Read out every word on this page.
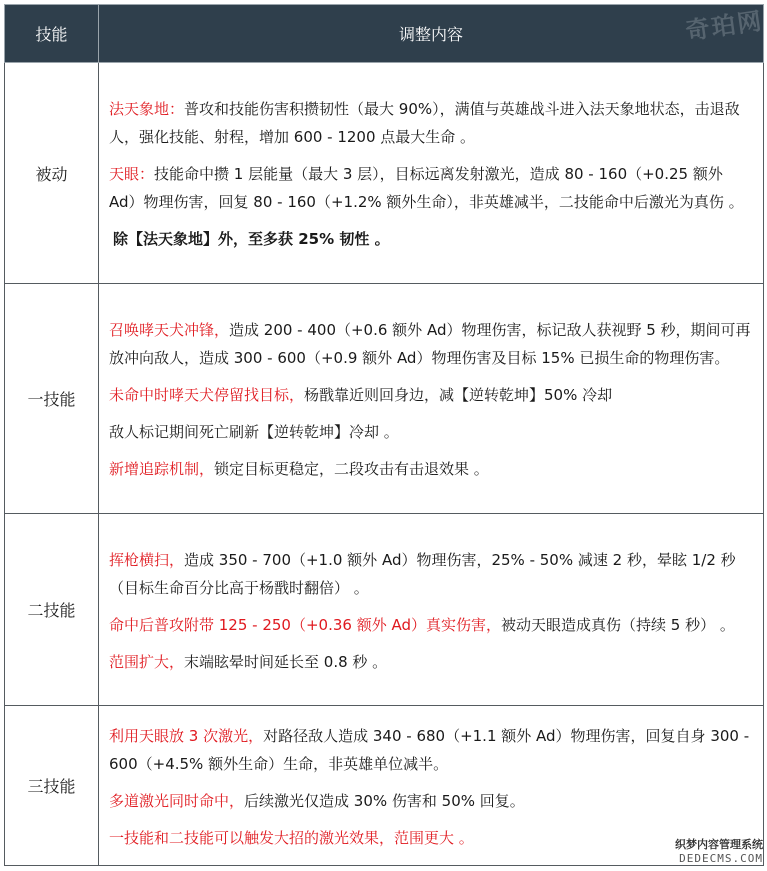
技能	调整内容
被动	法天象地：普攻和技能伤害积攒韧性（最大 90%），满值与英雄战斗进入法天象地状态，击退敌人，强化技能、射程，增加 600 - 1200 点最大生命 。

天眼：技能命中攒 1 层能量（最大 3 层），目标远离发射激光，造成 80 - 160（+0.25 额外 Ad）物理伤害，回复 80 - 160（+1.2% 额外生命），非英雄减半，二技能命中后激光为真伤 。

除【法天象地】外，至多获 25% 韧性 。

一技能	召唤哮天犬冲锋，造成 200 - 400（+0.6 额外 Ad）物理伤害，标记敌人获视野 5 秒，期间可再放冲向敌人，造成 300 - 600（+0.9 额外 Ad）物理伤害及目标 15% 已损生命的物理伤害。

未命中时哮天犬停留找目标，杨戬靠近则回身边，减【逆转乾坤】50% 冷却

敌人标记期间死亡刷新【逆转乾坤】冷却 。

新增追踪机制，锁定目标更稳定，二段攻击有击退效果 。

二技能	挥枪横扫，造成 350 - 700（+1.0 额外 Ad）物理伤害，25% - 50% 减速 2 秒，晕眩 1/2 秒（目标生命百分比高于杨戬时翻倍） 。

命中后普攻附带 125 - 250（+0.36 额外 Ad）真实伤害，被动天眼造成真伤（持续 5 秒） 。

范围扩大，末端眩晕时间延长至 0.8 秒 。

三技能	利用天眼放 3 次激光，对路径敌人造成 340 - 680（+1.1 额外 Ad）物理伤害，回复自身 300 - 600（+4.5% 额外生命）生命，非英雄单位减半。

多道激光同时命中，后续激光仅造成 30% 伤害和 50% 回复。

一技能和二技能可以触发大招的激光效果，范围更大 。

奇珀网
织梦内容管理系统
DEDECMS.COM
